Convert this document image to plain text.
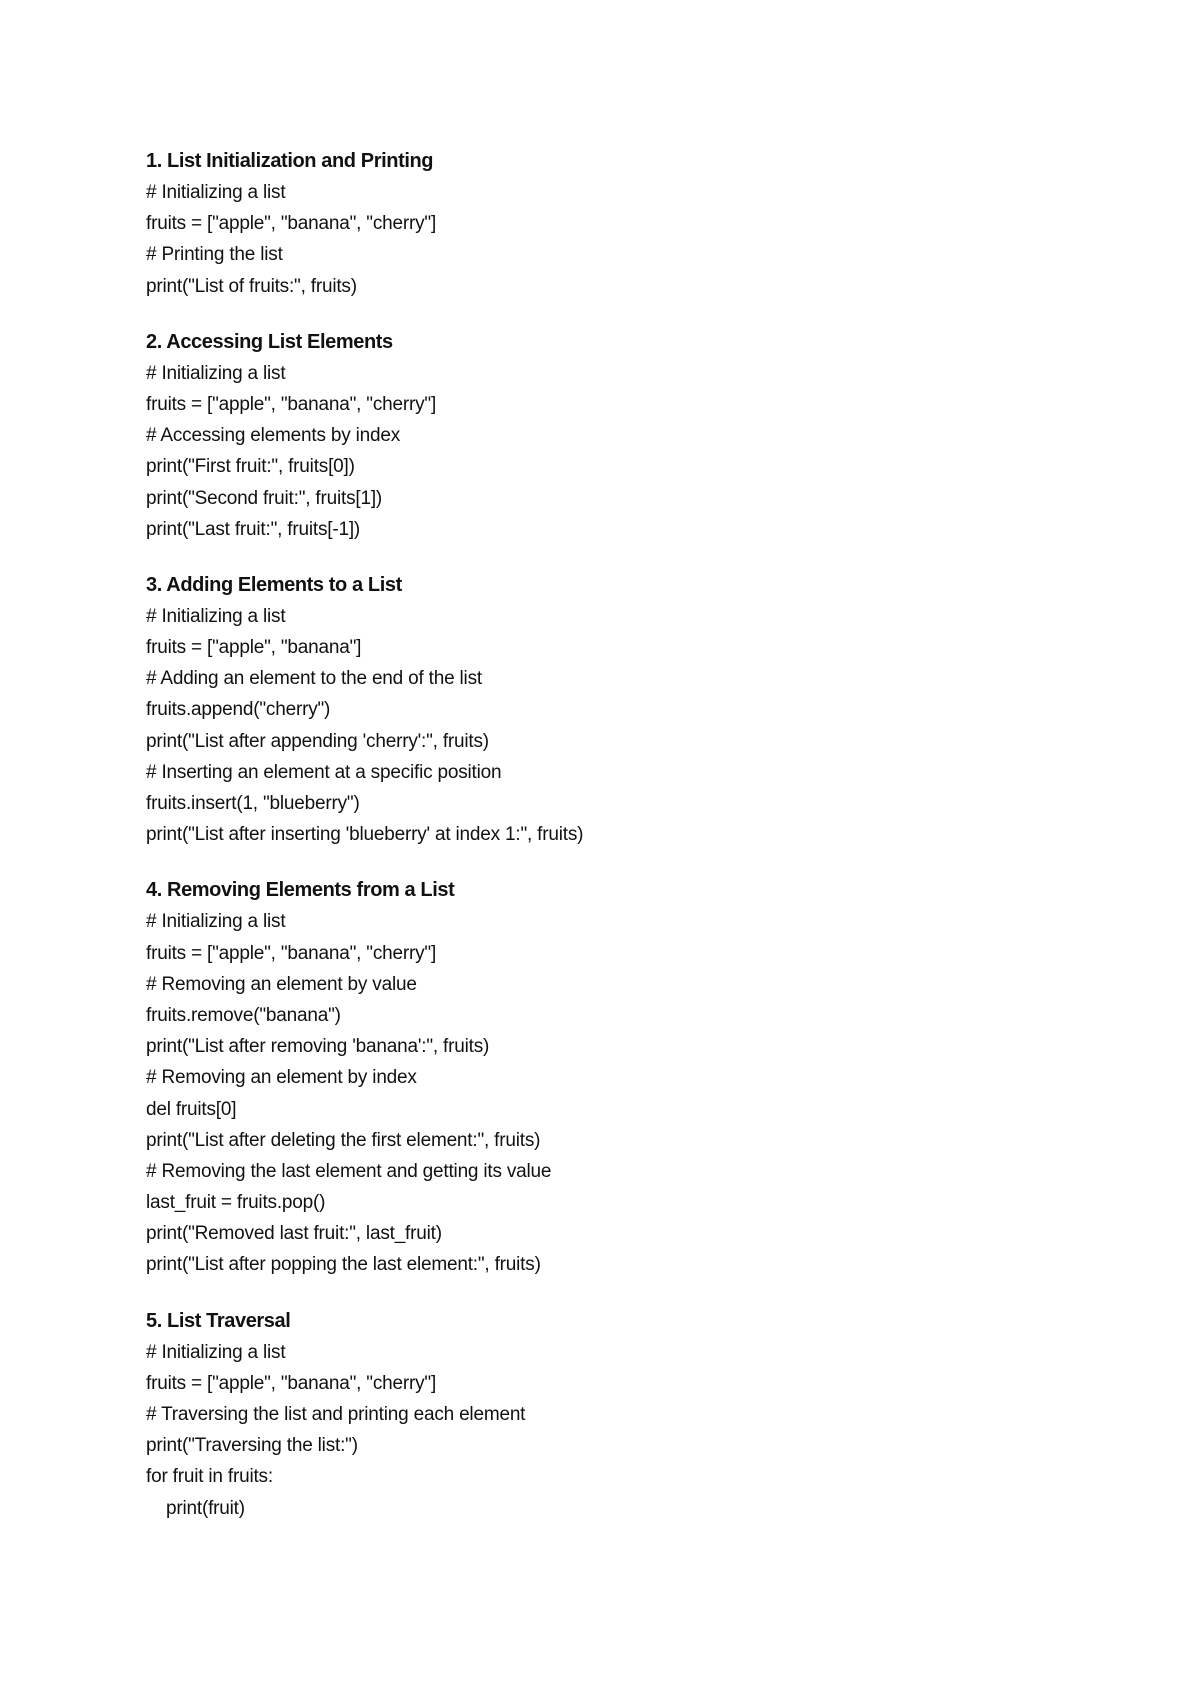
1. List Initialization and Printing
# Initializing a list
fruits = ["apple", "banana", "cherry"]
# Printing the list
print("List of fruits:", fruits)
2. Accessing List Elements
# Initializing a list
fruits = ["apple", "banana", "cherry"]
# Accessing elements by index
print("First fruit:", fruits[0])
print("Second fruit:", fruits[1])
print("Last fruit:", fruits[-1])
3. Adding Elements to a List
# Initializing a list
fruits = ["apple", "banana"]
# Adding an element to the end of the list
fruits.append("cherry")
print("List after appending 'cherry':", fruits)
# Inserting an element at a specific position
fruits.insert(1, "blueberry")
print("List after inserting 'blueberry' at index 1:", fruits)
4. Removing Elements from a List
# Initializing a list
fruits = ["apple", "banana", "cherry"]
# Removing an element by value
fruits.remove("banana")
print("List after removing 'banana':", fruits)
# Removing an element by index
del fruits[0]
print("List after deleting the first element:", fruits)
# Removing the last element and getting its value
last_fruit = fruits.pop()
print("Removed last fruit:", last_fruit)
print("List after popping the last element:", fruits)
5. List Traversal
# Initializing a list
fruits = ["apple", "banana", "cherry"]
# Traversing the list and printing each element
print("Traversing the list:")
for fruit in fruits:
print(fruit)
